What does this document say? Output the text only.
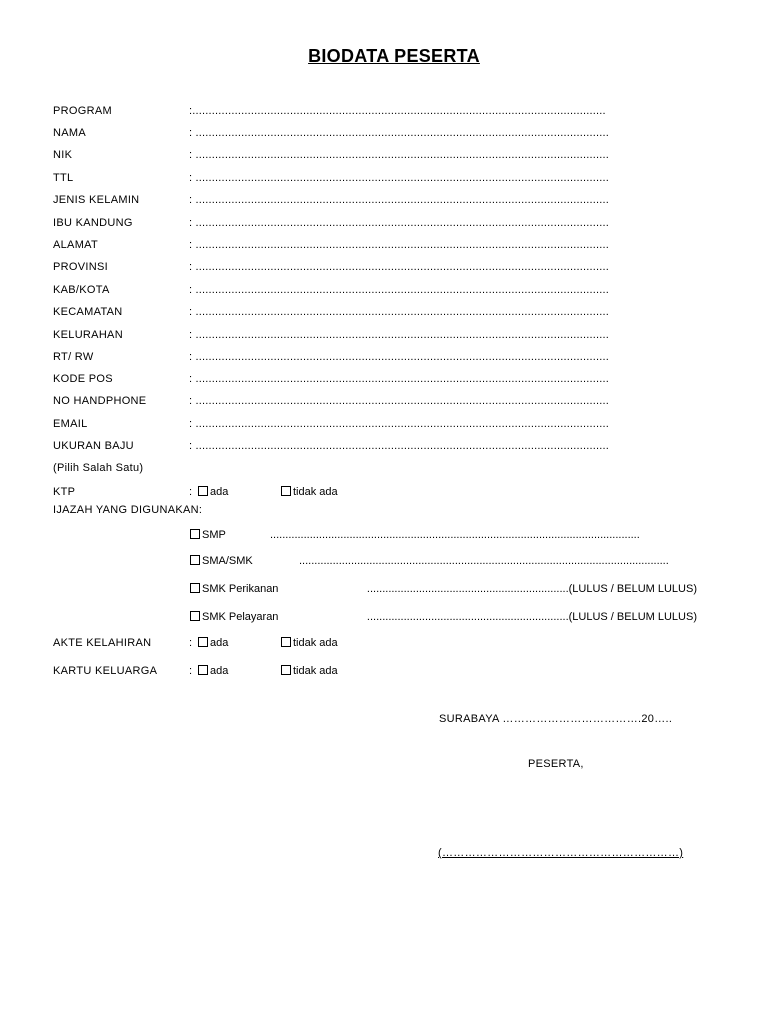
BIODATA PESERTA
PROGRAM	:...............................................................................................................................
NAMA	: ...............................................................................................................................
NIK	: ...............................................................................................................................
TTL	: ...............................................................................................................................
JENIS KELAMIN	: ...............................................................................................................................
IBU KANDUNG	: ...............................................................................................................................
ALAMAT	: ...............................................................................................................................
PROVINSI	: ...............................................................................................................................
KAB/KOTA	: ...............................................................................................................................
KECAMATAN	: ...............................................................................................................................
KELURAHAN	: ...............................................................................................................................
RT/ RW	: ...............................................................................................................................
KODE POS	: ...............................................................................................................................
NO HANDPHONE	: ...............................................................................................................................
EMAIL	: ...............................................................................................................................
UKURAN BAJU	: ...............................................................................................................................
(Pilih Salah Satu)
KTP	:	ada	tidak ada
IJAZAH YANG DIGUNAKAN:
SMP	.........................................................................................................................
SMA/SMK	.........................................................................................................................
SMK Perikanan	..................................................................(LULUS / BELUM LULUS)
SMK Pelayaran	..................................................................(LULUS / BELUM LULUS)
AKTE KELAHIRAN	:	ada	tidak ada
KARTU KELUARGA	:	ada	tidak ada
SURABAYA ……………………………….20…..
PESERTA,
(………………………………………………………)
